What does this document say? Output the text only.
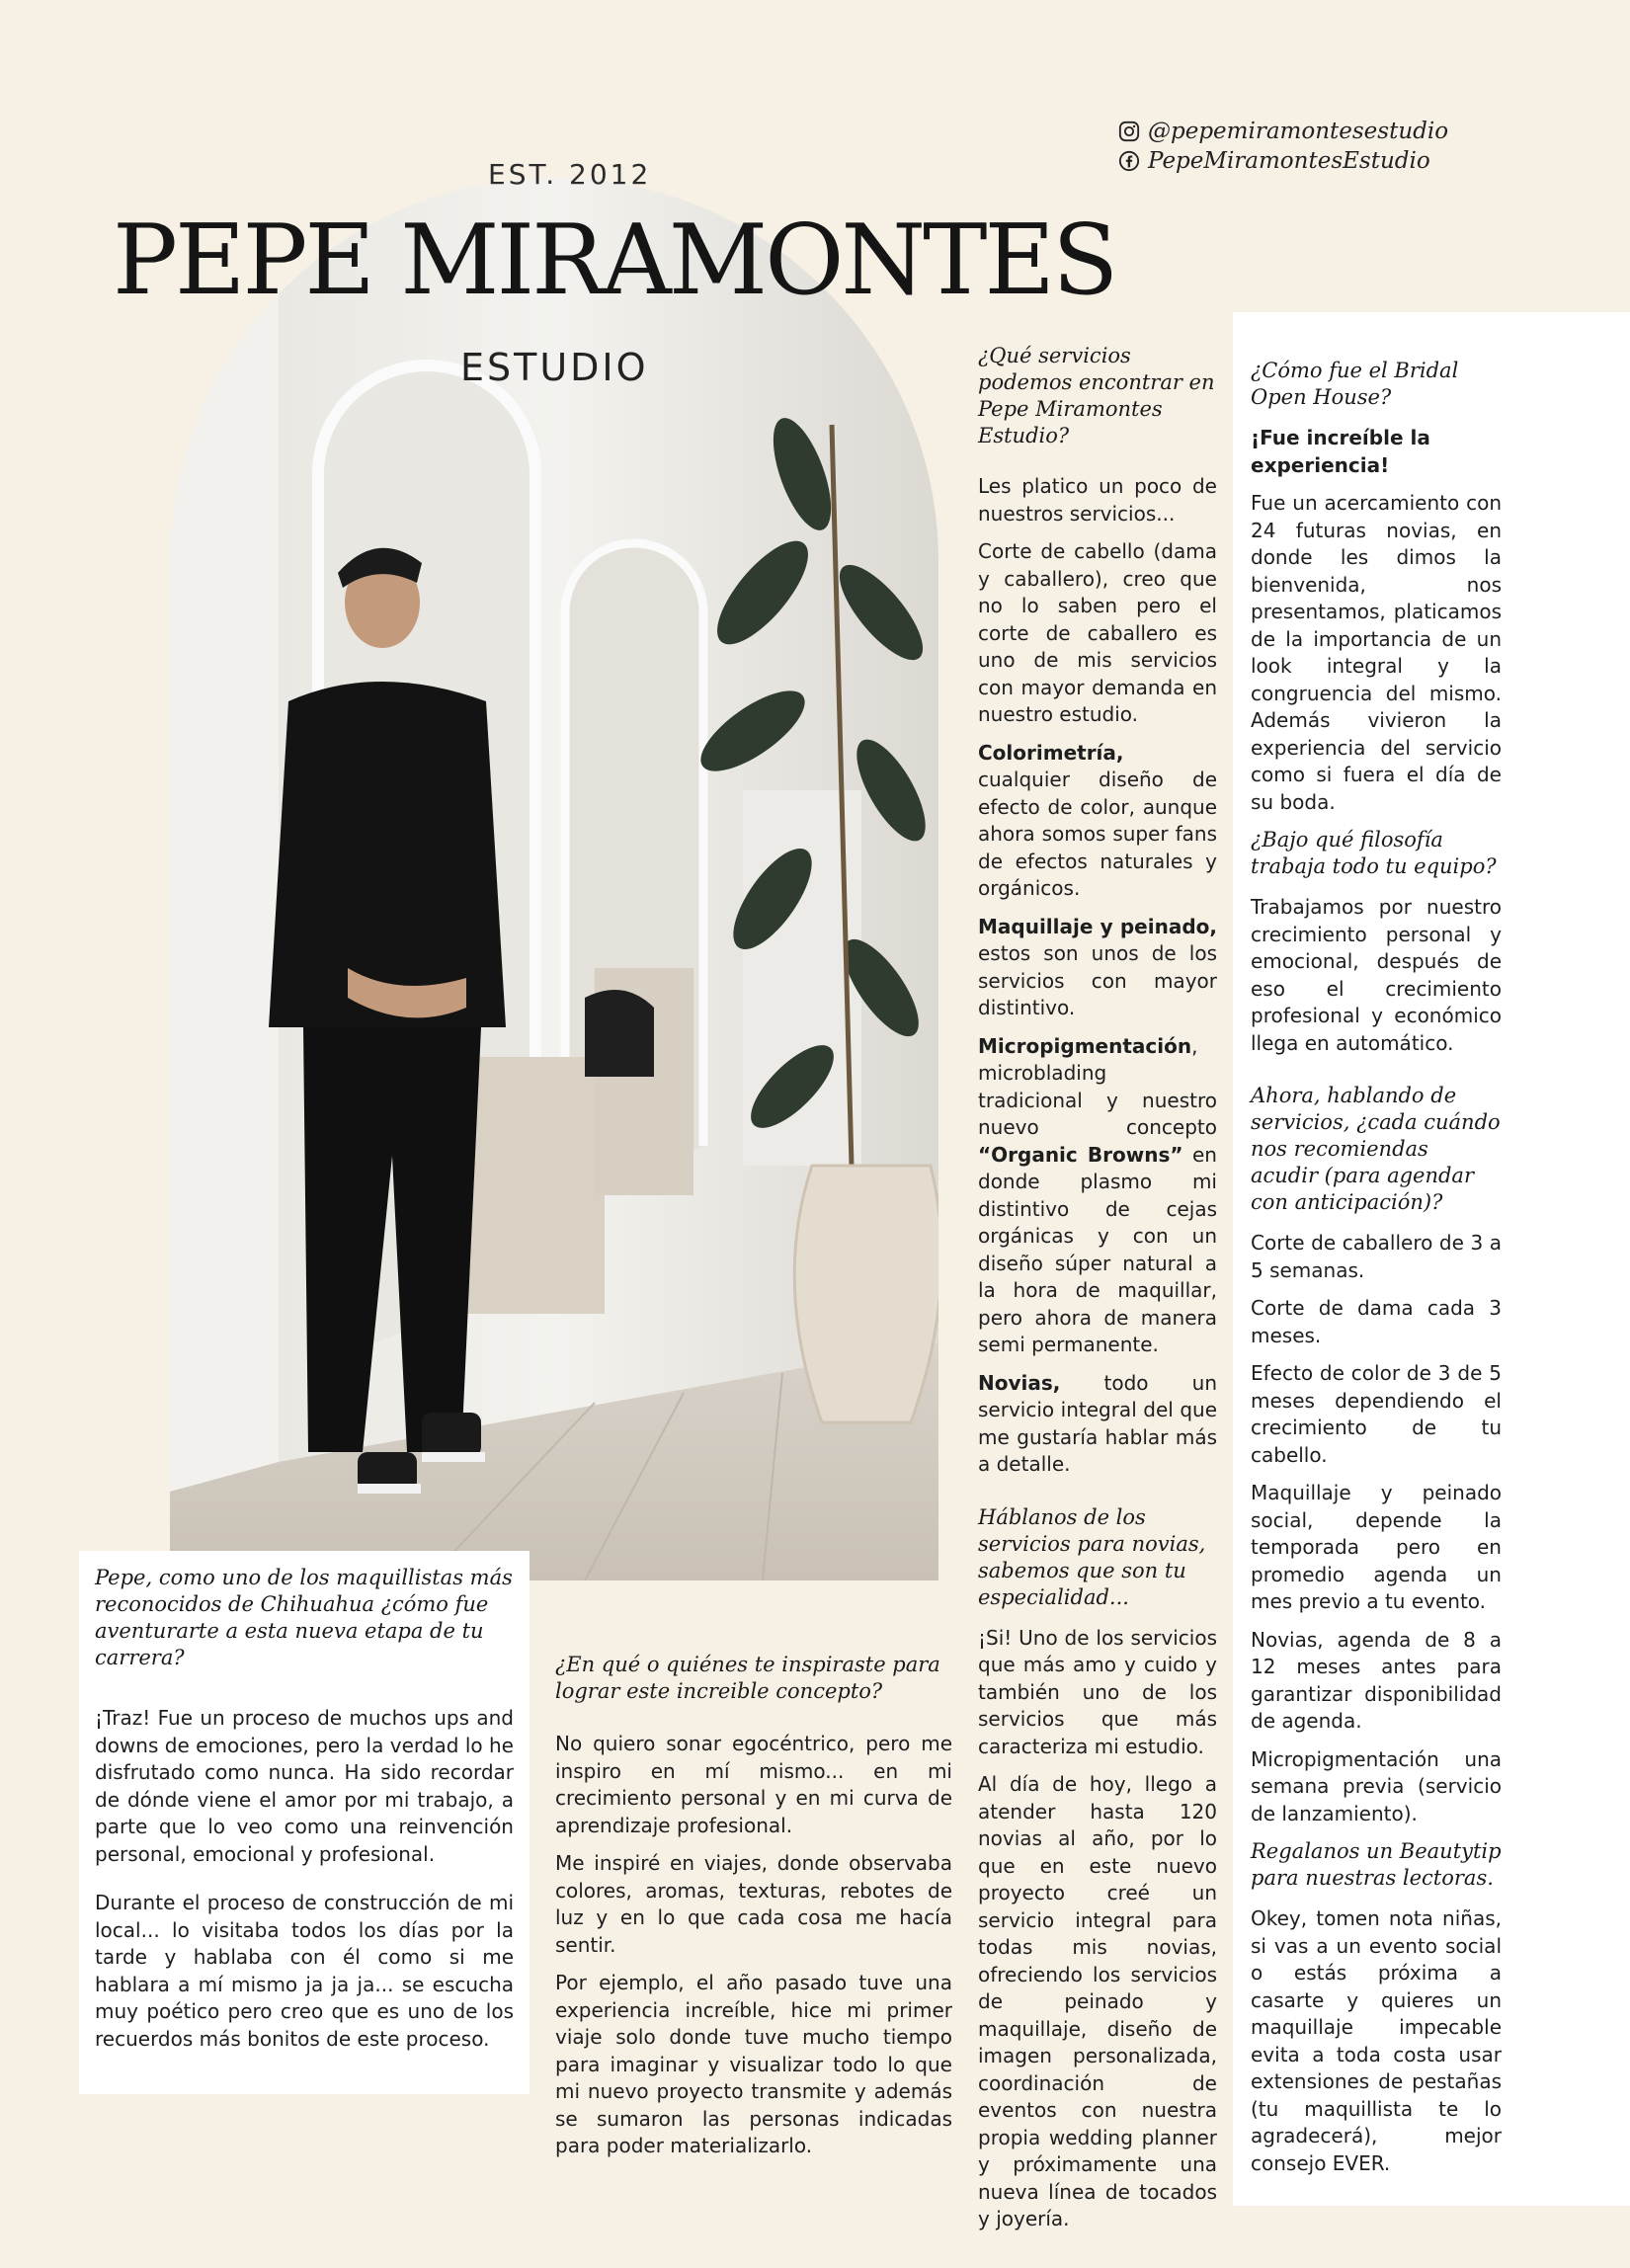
@pepemiramontesestudio
PepeMiramontesEstudio
EST. 2012
PEPE MIRAMONTES
ESTUDIO

Pepe, como uno de los maquillistas más reconocidos de Chihuahua ¿cómo fue aventurarte a esta nueva etapa de tu carrera?

¡Traz! Fue un proceso de muchos ups and downs de emociones, pero la verdad lo he disfrutado como nunca. Ha sido recordar de dónde viene el amor por mi trabajo, a parte que lo veo como una reinvención personal, emocional y profesional.

Durante el proceso de construcción de mi local... lo visitaba todos los días por la tarde y hablaba con él como si me hablara a mí mismo ja ja ja... se escucha muy poético pero creo que es uno de los recuerdos más bonitos de este proceso.

¿En qué o quiénes te inspiraste para lograr este increible concepto?

No quiero sonar egocéntrico, pero me inspiro en mí mismo... en mi crecimiento personal y en mi curva de aprendizaje profesional.

Me inspiré en viajes, donde observaba colores, aromas, texturas, rebotes de luz y en lo que cada cosa me hacía sentir.

Por ejemplo, el año pasado tuve una experiencia increíble, hice mi primer viaje solo donde tuve mucho tiempo para imaginar y visualizar todo lo que mi nuevo proyecto transmite y además se sumaron las personas indicadas para poder materializarlo.

¿Qué servicios podemos encontrar en Pepe Miramontes Estudio?

Les platico un poco de nuestros servicios...

Corte de cabello (dama y caballero), creo que no lo saben pero el corte de caballero es uno de mis servicios con mayor demanda en nuestro estudio.

Colorimetría, cualquier diseño de efecto de color, aunque ahora somos super fans de efectos naturales y orgánicos.

Maquillaje y peinado, estos son unos de los servicios con mayor distintivo.

Micropigmentación, microblading tradicional y nuestro nuevo concepto “Organic Browns” en donde plasmo mi distintivo de cejas orgánicas y con un diseño súper natural a la hora de maquillar, pero ahora de manera semi permanente.

Novias, todo un servicio integral del que me gustaría hablar más a detalle.

Háblanos de los servicios para novias, sabemos que son tu especialidad...

¡Si! Uno de los servicios que más amo y cuido y también uno de los servicios que más caracteriza mi estudio.

Al día de hoy, llego a atender hasta 120 novias al año, por lo que en este nuevo proyecto creé un servicio integral para todas mis novias, ofreciendo los servicios de peinado y maquillaje, diseño de imagen personalizada, coordinación de eventos con nuestra propia wedding planner y próximamente una nueva línea de tocados y joyería.

¿Cómo fue el Bridal Open House?

¡Fue increíble la experiencia!

Fue un acercamiento con 24 futuras novias, en donde les dimos la bienvenida, nos presentamos, platicamos de la importancia de un look integral y la congruencia del mismo. Además vivieron la experiencia del servicio como si fuera el día de su boda.

¿Bajo qué filosofía trabaja todo tu equipo?

Trabajamos por nuestro crecimiento personal y emocional, después de eso el crecimiento profesional y económico llega en automático.

Ahora, hablando de servicios, ¿cada cuándo nos recomiendas acudir (para agendar con anticipación)?

Corte de caballero de 3 a 5 semanas.

Corte de dama cada 3 meses.

Efecto de color de 3 de 5 meses dependiendo el crecimiento de tu cabello.

Maquillaje y peinado social, depende la temporada pero en promedio agenda un mes previo a tu evento.

Novias, agenda de 8 a 12 meses antes para garantizar disponibilidad de agenda.

Micropigmentación una semana previa (servicio de lanzamiento).

Regalanos un Beautytip para nuestras lectoras.

Okey, tomen nota niñas, si vas a un evento social o estás próxima a casarte y quieres un maquillaje impecable evita a toda costa usar extensiones de pestañas (tu maquillista te lo agradecerá), mejor consejo EVER.
